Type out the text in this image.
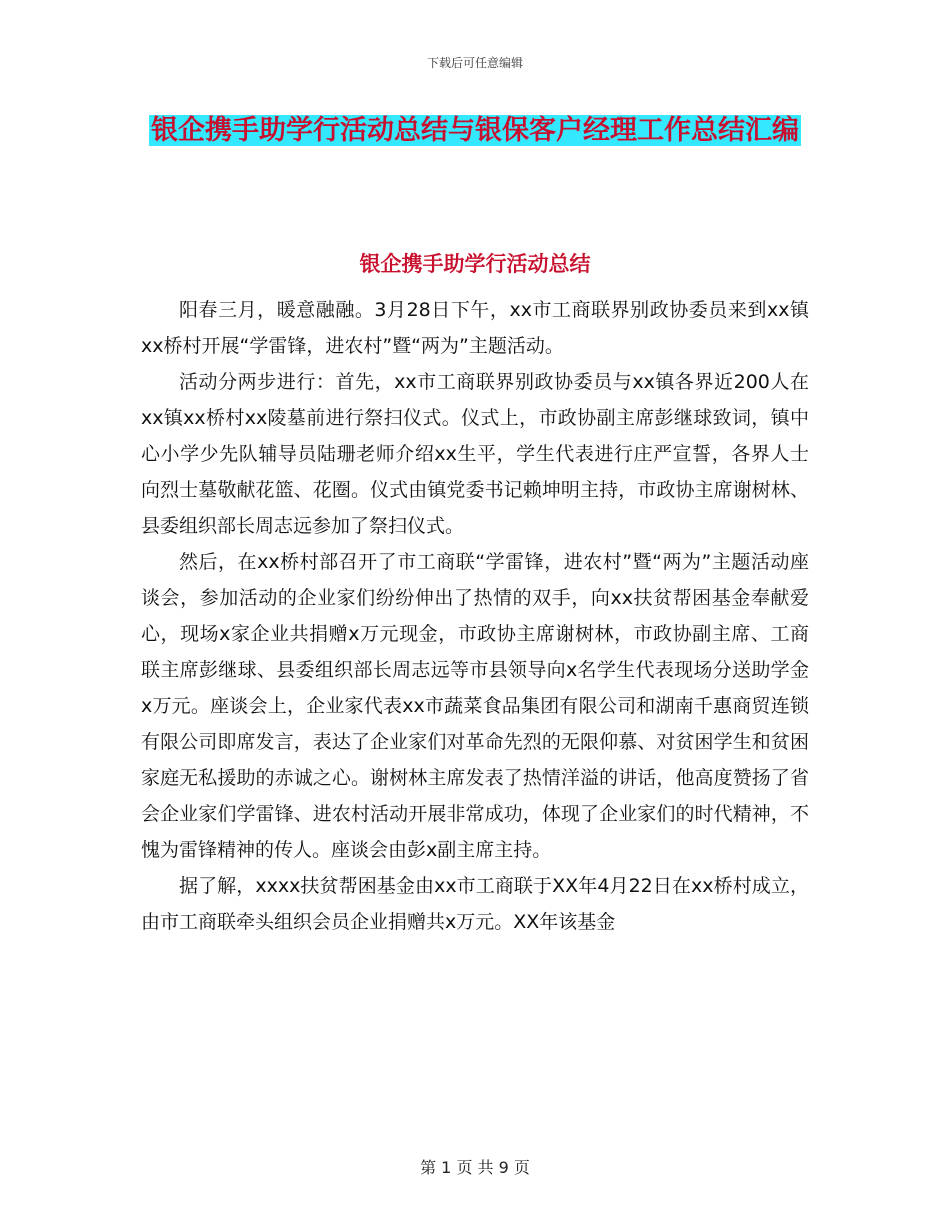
下载后可任意编辑
银企携手助学行活动总结与银保客户经理工作总结汇编
银企携手助学行活动总结

阳春三月，暖意融融。3月28日下午，xx市工商联界别政协委员来到xx镇xx桥村开展“学雷锋，进农村”暨“两为”主题活动。

活动分两步进行：首先，xx市工商联界别政协委员与xx镇各界近200人在xx镇xx桥村xx陵墓前进行祭扫仪式。仪式上，市政协副主席彭继球致词，镇中心小学少先队辅导员陆珊老师介绍xx生平，学生代表进行庄严宣誓，各界人士向烈士墓敬献花篮、花圈。仪式由镇党委书记赖坤明主持，市政协主席谢树林、县委组织部长周志远参加了祭扫仪式。

然后，在xx桥村部召开了市工商联“学雷锋，进农村”暨“两为”主题活动座谈会，参加活动的企业家们纷纷伸出了热情的双手，向xx扶贫帮困基金奉献爱心，现场x家企业共捐赠x万元现金，市政协主席谢树林，市政协副主席、工商联主席彭继球、县委组织部长周志远等市县领导向x名学生代表现场分送助学金x万元。座谈会上，企业家代表xx市蔬菜食品集团有限公司和湖南千惠商贸连锁有限公司即席发言，表达了企业家们对革命先烈的无限仰慕、对贫困学生和贫困家庭无私援助的赤诚之心。谢树林主席发表了热情洋溢的讲话，他高度赞扬了省会企业家们学雷锋、进农村活动开展非常成功，体现了企业家们的时代精神，不愧为雷锋精神的传人。座谈会由彭x副主席主持。

据了解，xxxx扶贫帮困基金由xx市工商联于XX年4月22日在xx桥村成立，由市工商联牵头组织会员企业捐赠共x万元。XX年该基金

第 1 页 共 9 页
